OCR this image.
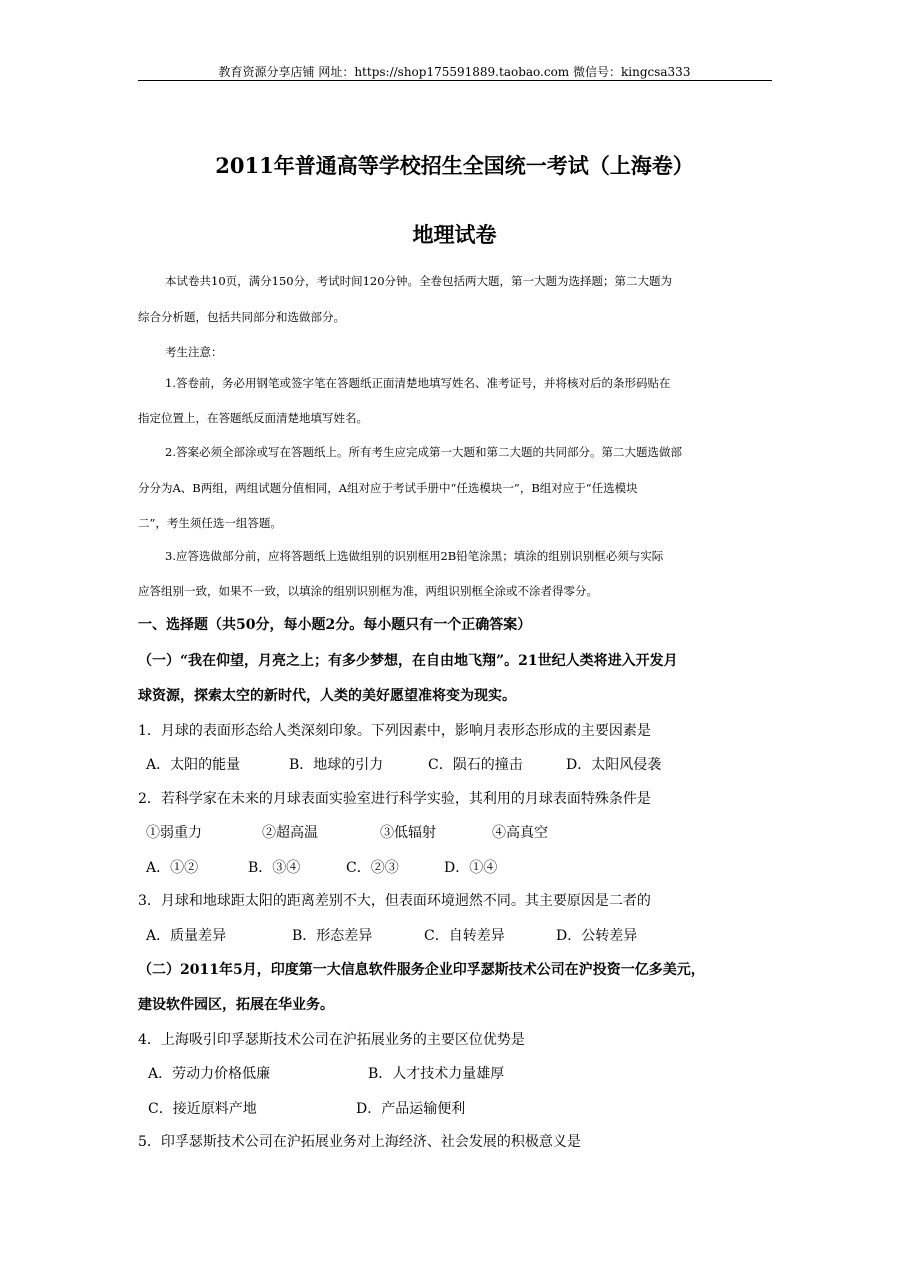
教育资源分享店铺 网址：https://shop175591889.taobao.com 微信号：kingcsa333
2011年普通高等学校招生全国统一考试（上海卷）
地理试卷
本试卷共10页，满分150分，考试时间120分钟。全卷包括两大题，第一大题为选择题；第二大题为
综合分析题，包括共同部分和选做部分。
考生注意：
1.答卷前，务必用钢笔或签字笔在答题纸正面清楚地填写姓名、准考证号，并将核对后的条形码贴在
指定位置上，在答题纸反面清楚地填写姓名。
2.答案必须全部涂或写在答题纸上。所有考生应完成第一大题和第二大题的共同部分。第二大题选做部
分分为A、B两组，两组试题分值相同，A组对应于考试手册中“任选模块一”，B组对应于“任选模块
二”，考生须任选一组答题。
3.应答选做部分前，应将答题纸上选做组别的识别框用2B铅笔涂黑；填涂的组别识别框必须与实际
应答组别一致，如果不一致，以填涂的组别识别框为准，两组识别框全涂或不涂者得零分。
一、选择题（共50分，每小题2分。每小题只有一个正确答案）
（一）“我在仰望，月亮之上；有多少梦想，在自由地飞翔”。21世纪人类将进入开发月
球资源，探索太空的新时代，人类的美好愿望准将变为现实。
1．月球的表面形态给人类深刻印象。下列因素中，影响月表形态形成的主要因素是
A．太阳的能量	B．地球的引力	C．陨石的撞击	D．太阳风侵袭
2．若科学家在未来的月球表面实验室进行科学实验，其利用的月球表面特殊条件是
①弱重力	②超高温	③低辐射	④高真空
A．①②	B．③④	C．②③	D．①④
3．月球和地球距太阳的距离差别不大，但表面环境迥然不同。其主要原因是二者的
A．质量差异	B．形态差异	C．自转差异	D．公转差异
（二）2011年5月，印度第一大信息软件服务企业印孚瑟斯技术公司在沪投资一亿多美元，
建设软件园区，拓展在华业务。
4．上海吸引印孚瑟斯技术公司在沪拓展业务的主要区位优势是
A．劳动力价格低廉	B．人才技术力量雄厚
C．接近原料产地	D．产品运输便利
5．印孚瑟斯技术公司在沪拓展业务对上海经济、社会发展的积极意义是
